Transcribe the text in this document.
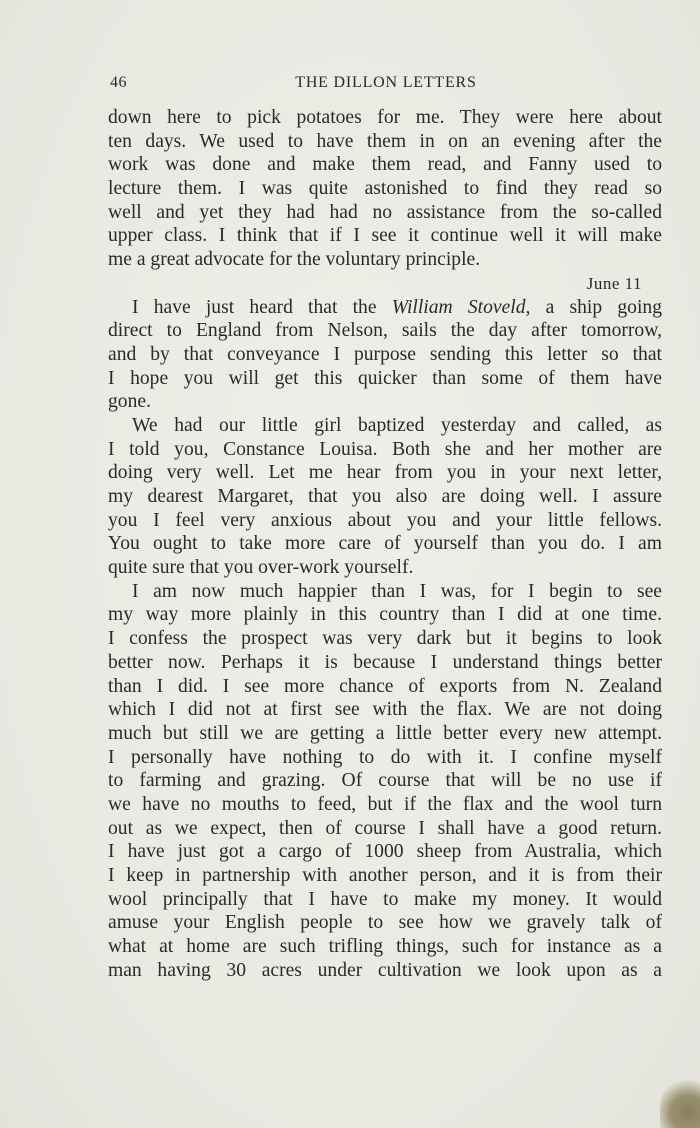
46	THE DILLON LETTERS
down here to pick potatoes for me. They were here about
ten days. We used to have them in on an evening after the
work was done and make them read, and Fanny used to
lecture them. I was quite astonished to find they read so
well and yet they had had no assistance from the so-called
upper class. I think that if I see it continue well it will make
me a great advocate for the voluntary principle.
June 11
I have just heard that the William Stoveld, a ship going
direct to England from Nelson, sails the day after tomorrow,
and by that conveyance I purpose sending this letter so that
I hope you will get this quicker than some of them have
gone.
We had our little girl baptized yesterday and called, as
I told you, Constance Louisa. Both she and her mother are
doing very well. Let me hear from you in your next letter,
my dearest Margaret, that you also are doing well. I assure
you I feel very anxious about you and your little fellows.
You ought to take more care of yourself than you do. I am
quite sure that you over-work yourself.
I am now much happier than I was, for I begin to see
my way more plainly in this country than I did at one time.
I confess the prospect was very dark but it begins to look
better now. Perhaps it is because I understand things better
than I did. I see more chance of exports from N. Zealand
which I did not at first see with the flax. We are not doing
much but still we are getting a little better every new attempt.
I personally have nothing to do with it. I confine myself
to farming and grazing. Of course that will be no use if
we have no mouths to feed, but if the flax and the wool turn
out as we expect, then of course I shall have a good return.
I have just got a cargo of 1000 sheep from Australia, which
I keep in partnership with another person, and it is from their
wool principally that I have to make my money. It would
amuse your English people to see how we gravely talk of
what at home are such trifling things, such for instance as a
man having 30 acres under cultivation we look upon as a
